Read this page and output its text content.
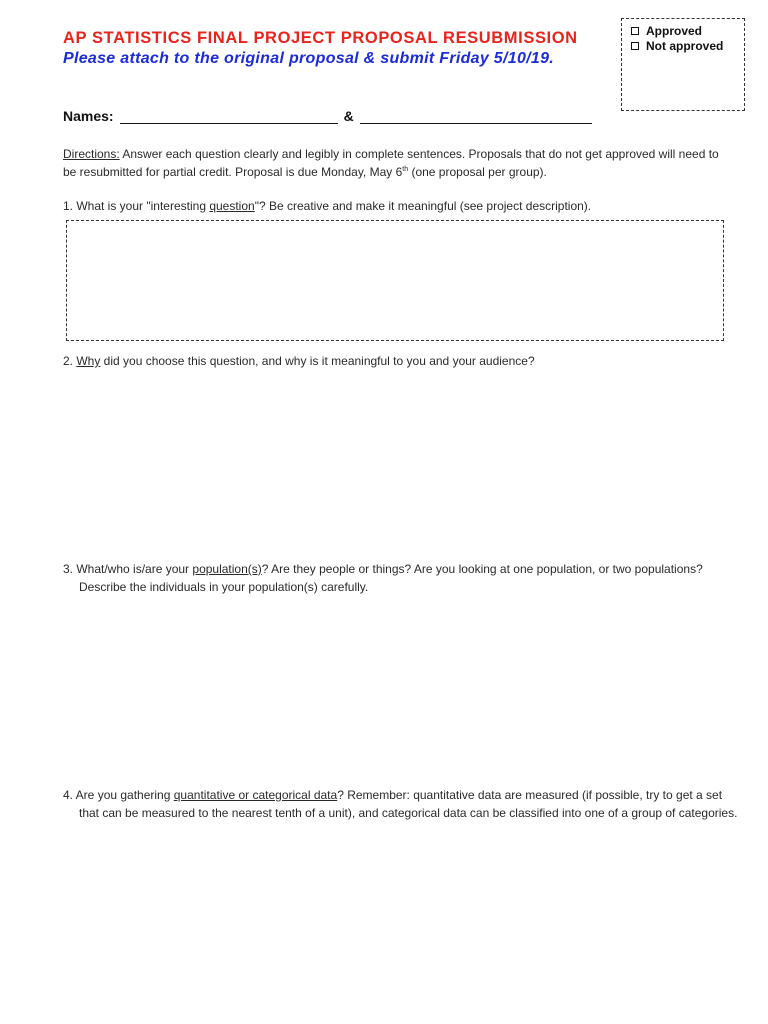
AP STATISTICS FINAL PROJECT PROPOSAL RESUBMISSION
Please attach to the original proposal & submit Friday 5/10/19.
Approved
Not approved
Names:	&
Directions: Answer each question clearly and legibly in complete sentences. Proposals that do not get approved will need to be resubmitted for partial credit. Proposal is due Monday, May 6th (one proposal per group).
1. What is your "interesting question"? Be creative and make it meaningful (see project description).
2. Why did you choose this question, and why is it meaningful to you and your audience?
3. What/who is/are your population(s)? Are they people or things? Are you looking at one population, or two populations? Describe the individuals in your population(s) carefully.
4. Are you gathering quantitative or categorical data? Remember: quantitative data are measured (if possible, try to get a set that can be measured to the nearest tenth of a unit), and categorical data can be classified into one of a group of categories.
